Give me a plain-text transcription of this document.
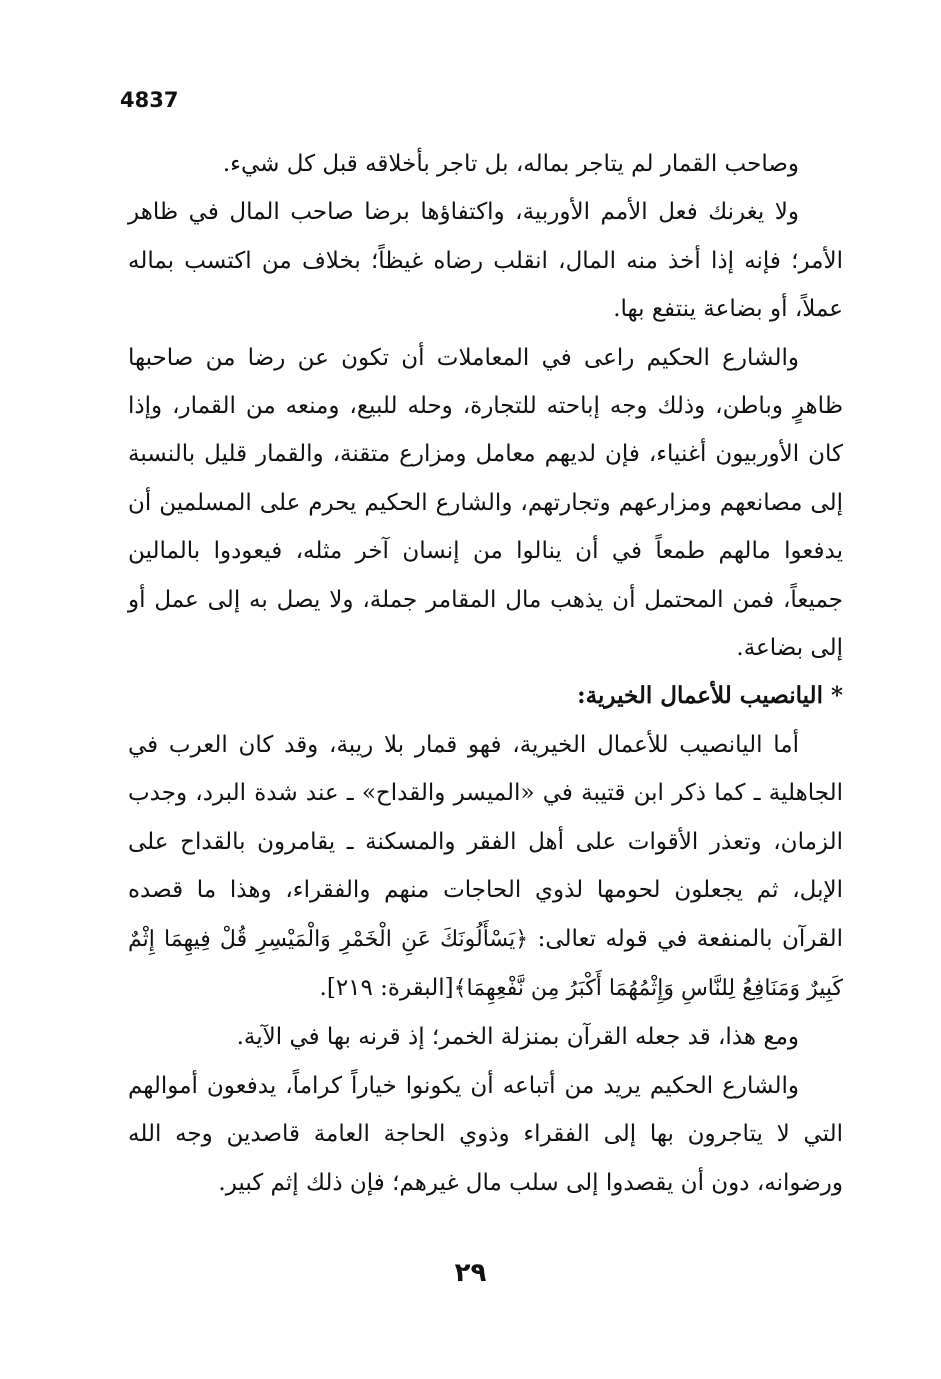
4837

وصاحب القمار لم يتاجر بماله، بل تاجر بأخلاقه قبل كل شيء.

ولا يغرنك فعل الأمم الأوربية، واكتفاؤها برضا صاحب المال في ظاهر الأمر؛ فإنه إذا أخذ منه المال، انقلب رضاه غيظاً؛ بخلاف من اكتسب بماله عملاً، أو بضاعة ينتفع بها.

والشارع الحكيم راعى في المعاملات أن تكون عن رضا من صاحبها ظاهرٍ وباطن، وذلك وجه إباحته للتجارة، وحله للبيع، ومنعه من القمار، وإذا كان الأوربيون أغنياء، فإن لديهم معامل ومزارع متقنة، والقمار قليل بالنسبة إلى مصانعهم ومزارعهم وتجارتهم، والشارع الحكيم يحرم على المسلمين أن يدفعوا مالهم طمعاً في أن ينالوا من إنسان آخر مثله، فيعودوا بالمالين جميعاً، فمن المحتمل أن يذهب مال المقامر جملة، ولا يصل به إلى عمل أو إلى بضاعة.

* اليانصيب للأعمال الخيرية:

أما اليانصيب للأعمال الخيرية، فهو قمار بلا ريبة، وقد كان العرب في الجاهلية ـ كما ذكر ابن قتيبة في «الميسر والقداح» ـ عند شدة البرد، وجدب الزمان، وتعذر الأقوات على أهل الفقر والمسكنة ـ يقامرون بالقداح على الإبل، ثم يجعلون لحومها لذوي الحاجات منهم والفقراء، وهذا ما قصده القرآن بالمنفعة في قوله تعالى: ﴿يَسْأَلُونَكَ عَنِ الْخَمْرِ وَالْمَيْسِرِ قُلْ فِيهِمَا إِثْمٌ كَبِيرٌ وَمَنَافِعُ لِلنَّاسِ وَإِثْمُهُمَا أَكْبَرُ مِن نَّفْعِهِمَا﴾[البقرة: ٢١٩].

ومع هذا، قد جعله القرآن بمنزلة الخمر؛ إذ قرنه بها في الآية.

والشارع الحكيم يريد من أتباعه أن يكونوا خياراً كراماً، يدفعون أموالهم التي لا يتاجرون بها إلى الفقراء وذوي الحاجة العامة قاصدين وجه الله ورضوانه، دون أن يقصدوا إلى سلب مال غيرهم؛ فإن ذلك إثم كبير.

٢٩
